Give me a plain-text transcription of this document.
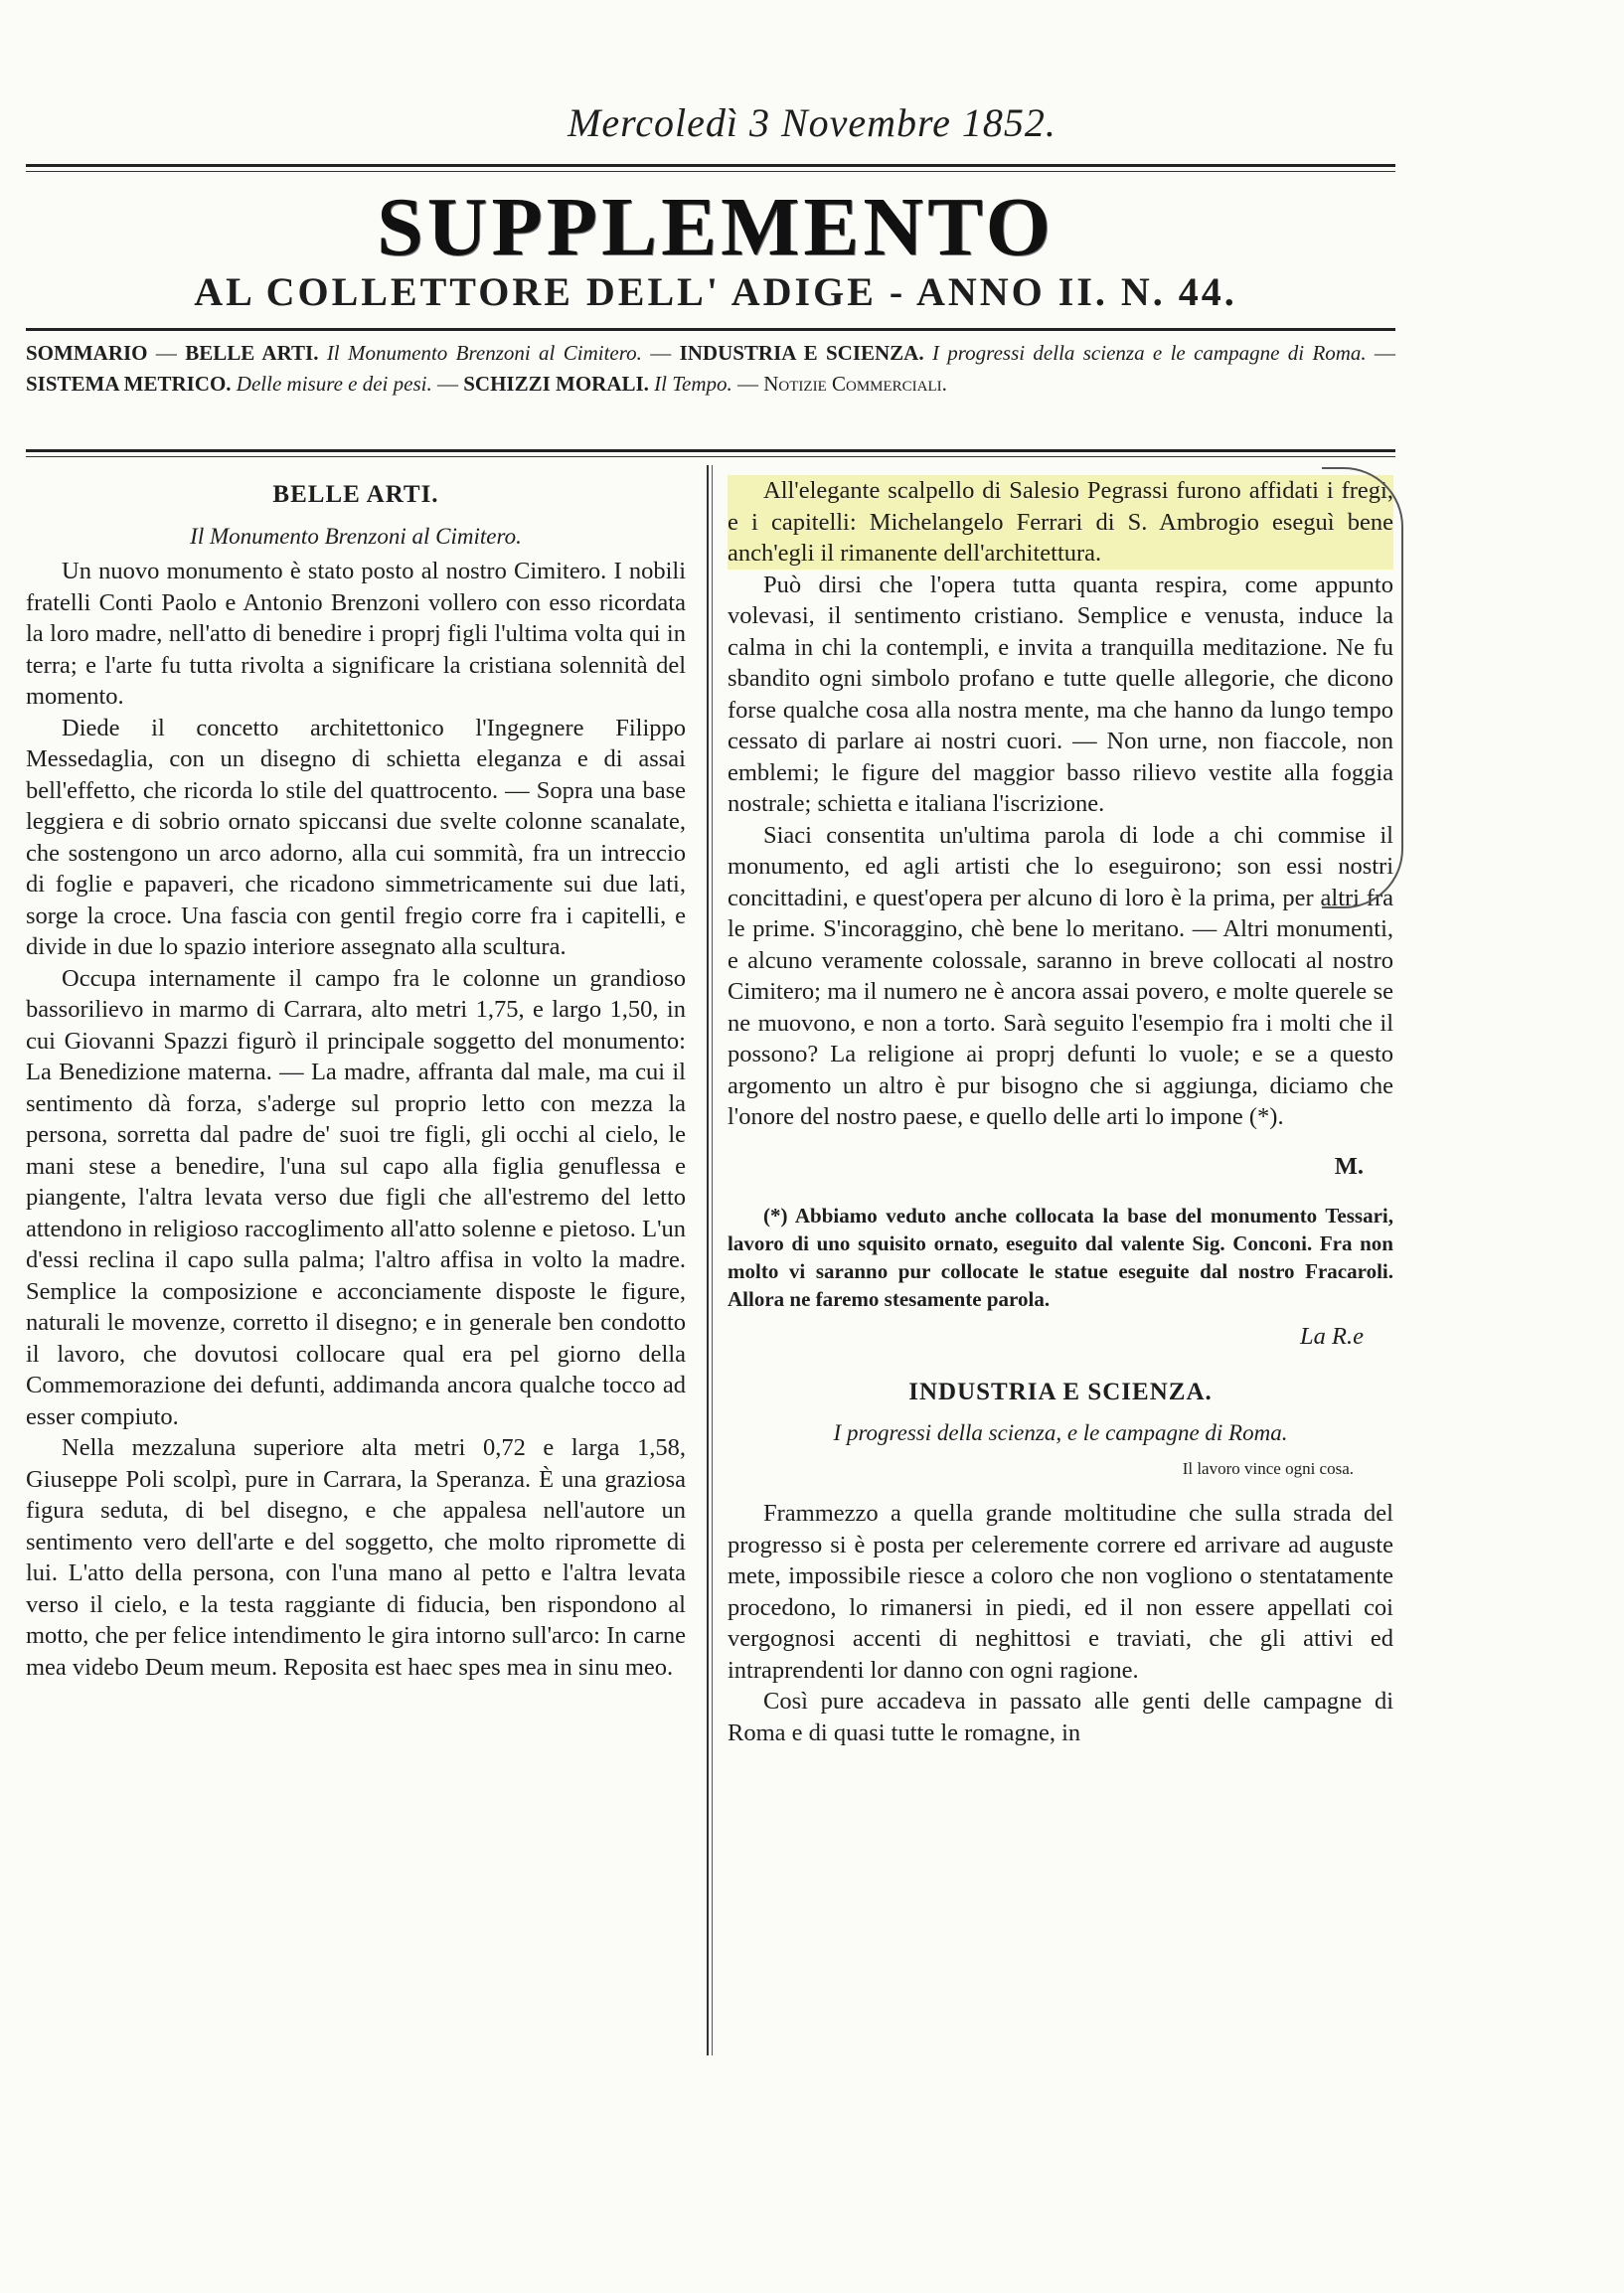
Mercoledì 3 Novembre 1852.
SUPPLEMENTO
AL COLLETTORE DELL' ADIGE - ANNO II. N. 44.
SOMMARIO — BELLE ARTI. Il Monumento Brenzoni al Cimitero. — INDUSTRIA E SCIENZA. I progressi della scienza e le campagne di Roma. — SISTEMA METRICO. Delle misure e dei pesi. — SCHIZZI MORALI. Il Tempo. — Notizie Commerciali.
BELLE ARTI.
Il Monumento Brenzoni al Cimitero.

Un nuovo monumento è stato posto al nostro Cimitero. I nobili fratelli Conti Paolo e Antonio Brenzoni vollero con esso ricordata la loro madre, nell'atto di benedire i proprj figli l'ultima volta qui in terra; e l'arte fu tutta rivolta a significare la cristiana solennità del momento.

Diede il concetto architettonico l'Ingegnere Filippo Messedaglia, con un disegno di schietta eleganza e di assai bell'effetto, che ricorda lo stile del quattrocento. — Sopra una base leggiera e di sobrio ornato spiccansi due svelte colonne scanalate, che sostengono un arco adorno, alla cui sommità, fra un intreccio di foglie e papaveri, che ricadono simmetricamente sui due lati, sorge la croce. Una fascia con gentil fregio corre fra i capitelli, e divide in due lo spazio interiore assegnato alla scultura.

Occupa internamente il campo fra le colonne un grandioso bassorilievo in marmo di Carrara, alto metri 1,75, e largo 1,50, in cui Giovanni Spazzi figurò il principale soggetto del monumento: La Benedizione materna. — La madre, affranta dal male, ma cui il sentimento dà forza, s'aderge sul proprio letto con mezza la persona, sorretta dal padre de' suoi tre figli, gli occhi al cielo, le mani stese a benedire, l'una sul capo alla figlia genuflessa e piangente, l'altra levata verso due figli che all'estremo del letto attendono in religioso raccoglimento all'atto solenne e pietoso. L'un d'essi reclina il capo sulla palma; l'altro affisa in volto la madre. Semplice la composizione e acconciamente disposte le figure, naturali le movenze, corretto il disegno; e in generale ben condotto il lavoro, che dovutosi collocare qual era pel giorno della Commemorazione dei defunti, addimanda ancora qualche tocco ad esser compiuto.

Nella mezzaluna superiore alta metri 0,72 e larga 1,58, Giuseppe Poli scolpì, pure in Carrara, la Speranza. È una graziosa figura seduta, di bel disegno, e che appalesa nell'autore un sentimento vero dell'arte e del soggetto, che molto ripromette di lui. L'atto della persona, con l'una mano al petto e l'altra levata verso il cielo, e la testa raggiante di fiducia, ben rispondono al motto, che per felice intendimento le gira intorno sull'arco: In carne mea videbo Deum meum. Reposita est haec spes mea in sinu meo.

All'elegante scalpello di Salesio Pegrassi furono affidati i fregi, e i capitelli: Michelangelo Ferrari di S. Ambrogio eseguì bene anch'egli il rimanente dell'architettura.

Può dirsi che l'opera tutta quanta respira, come appunto volevasi, il sentimento cristiano. Semplice e venusta, induce la calma in chi la contempli, e invita a tranquilla meditazione. Ne fu sbandito ogni simbolo profano e tutte quelle allegorie, che dicono forse qualche cosa alla nostra mente, ma che hanno da lungo tempo cessato di parlare ai nostri cuori. — Non urne, non fiaccole, non emblemi; le figure del maggior basso rilievo vestite alla foggia nostrale; schietta e italiana l'iscrizione.

Siaci consentita un'ultima parola di lode a chi commise il monumento, ed agli artisti che lo eseguirono; son essi nostri concittadini, e quest'opera per alcuno di loro è la prima, per altri fra le prime. S'incoraggino, chè bene lo meritano. — Altri monumenti, e alcuno veramente colossale, saranno in breve collocati al nostro Cimitero; ma il numero ne è ancora assai povero, e molte querele se ne muovono, e non a torto. Sarà seguito l'esempio fra i molti che il possono? La religione ai proprj defunti lo vuole; e se a questo argomento un altro è pur bisogno che si aggiunga, diciamo che l'onore del nostro paese, e quello delle arti lo impone (*).

M.

(*) Abbiamo veduto anche collocata la base del monumento Tessari, lavoro di uno squisito ornato, eseguito dal valente Sig. Conconi. Fra non molto vi saranno pur collocate le statue eseguite dal nostro Fracaroli. Allora ne faremo stesamente parola.

La R.e
INDUSTRIA E SCIENZA.
I progressi della scienza, e le campagne di Roma.
Il lavoro vince ogni cosa.

Frammezzo a quella grande moltitudine che sulla strada del progresso si è posta per celeremente correre ed arrivare ad auguste mete, impossibile riesce a coloro che non vogliono o stentatamente procedono, lo rimanersi in piedi, ed il non essere appellati coi vergognosi accenti di neghittosi e traviati, che gli attivi ed intraprendenti lor danno con ogni ragione.

Così pure accadeva in passato alle genti delle campagne di Roma e di quasi tutte le romagne, in
